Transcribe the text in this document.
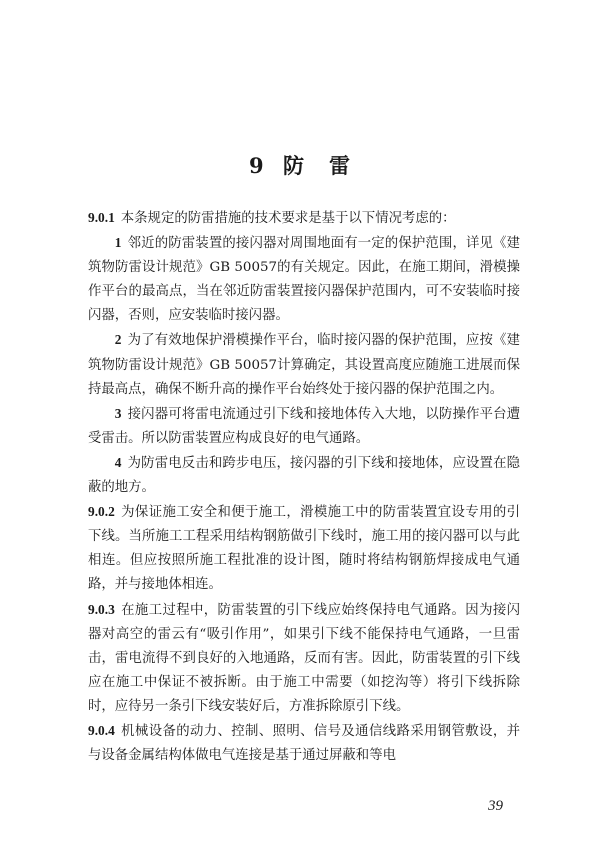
9 防 雷

9.0.1 本条规定的防雷措施的技术要求是基于以下情况考虑的：

1 邻近的防雷装置的接闪器对周围地面有一定的保护范围，详见《建筑物防雷设计规范》GB 50057的有关规定。因此，在施工期间，滑模操作平台的最高点，当在邻近防雷装置接闪器保护范围内，可不安装临时接闪器，否则，应安装临时接闪器。

2 为了有效地保护滑模操作平台，临时接闪器的保护范围，应按《建筑物防雷设计规范》GB 50057计算确定，其设置高度应随施工进展而保持最高点，确保不断升高的操作平台始终处于接闪器的保护范围之内。

3 接闪器可将雷电流通过引下线和接地体传入大地，以防操作平台遭受雷击。所以防雷装置应构成良好的电气通路。

4 为防雷电反击和跨步电压，接闪器的引下线和接地体，应设置在隐蔽的地方。

9.0.2 为保证施工安全和便于施工，滑模施工中的防雷装置宜设专用的引下线。当所施工工程采用结构钢筋做引下线时，施工用的接闪器可以与此相连。但应按照所施工程批准的设计图，随时将结构钢筋焊接成电气通路，并与接地体相连。

9.0.3 在施工过程中，防雷装置的引下线应始终保持电气通路。因为接闪器对高空的雷云有“吸引作用”，如果引下线不能保持电气通路，一旦雷击，雷电流得不到良好的入地通路，反而有害。因此，防雷装置的引下线应在施工中保证不被拆断。由于施工中需要（如挖沟等）将引下线拆除时，应待另一条引下线安装好后，方准拆除原引下线。

9.0.4 机械设备的动力、控制、照明、信号及通信线路采用钢管敷设，并与设备金属结构体做电气连接是基于通过屏蔽和等电

39
